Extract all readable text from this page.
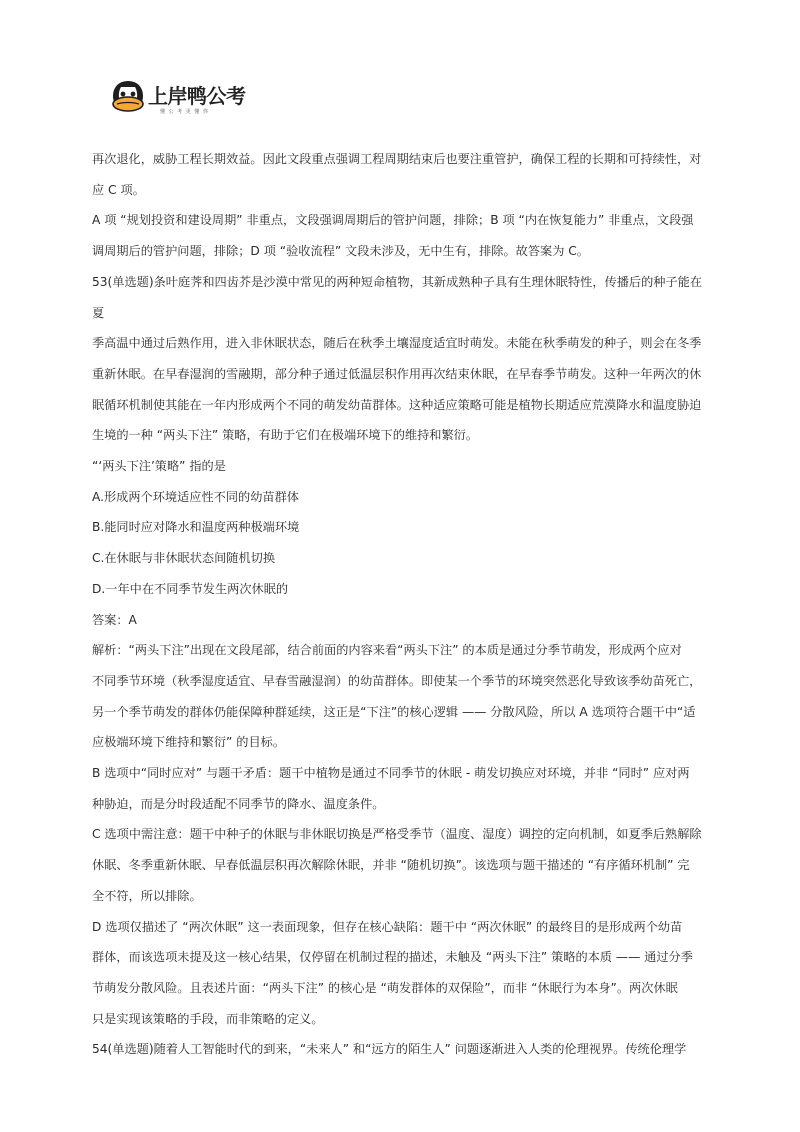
上岸鸭公考
懂 公 考 更 懂 你
再次退化，威胁工程长期效益。因此文段重点强调工程周期结束后也要注重管护，确保工程的长期和可持续性，对
应 C 项。
A 项 “规划投资和建设周期” 非重点，文段强调周期后的管护问题，排除；B 项 “内在恢复能力” 非重点，文段强
调周期后的管护问题，排除；D 项 “验收流程” 文段未涉及，无中生有，排除。故答案为 C。
53(单选题)条叶庭荠和四齿芥是沙漠中常见的两种短命植物，其新成熟种子具有生理休眠特性，传播后的种子能在夏
季高温中通过后熟作用，进入非休眠状态，随后在秋季土壤湿度适宜时萌发。未能在秋季萌发的种子，则会在冬季
重新休眠。在早春湿润的雪融期，部分种子通过低温层积作用再次结束休眠，在早春季节萌发。这种一年两次的休
眠循环机制使其能在一年内形成两个不同的萌发幼苗群体。这种适应策略可能是植物长期适应荒漠降水和温度胁迫
生境的一种 “两头下注” 策略，有助于它们在极端环境下的维持和繁衍。
“‘两头下注’策略” 指的是
A.形成两个环境适应性不同的幼苗群体
B.能同时应对降水和温度两种极端环境
C.在休眠与非休眠状态间随机切换
D.一年中在不同季节发生两次休眠的
答案：A
解析：“两头下注”出现在文段尾部，结合前面的内容来看“两头下注” 的本质是通过分季节萌发，形成两个应对
不同季节环境（秋季湿度适宜、早春雪融湿润）的幼苗群体。即使某一个季节的环境突然恶化导致该季幼苗死亡，
另一个季节萌发的群体仍能保障种群延续，这正是“下注”的核心逻辑 —— 分散风险，所以 A 选项符合题干中“适
应极端环境下维持和繁衍” 的目标。
B 选项中“同时应对” 与题干矛盾：题干中植物是通过不同季节的休眠 - 萌发切换应对环境，并非 “同时” 应对两
种胁迫，而是分时段适配不同季节的降水、温度条件。
C 选项中需注意：题干中种子的休眠与非休眠切换是严格受季节（温度、湿度）调控的定向机制，如夏季后熟解除
休眠、冬季重新休眠、早春低温层积再次解除休眠，并非 “随机切换”。该选项与题干描述的 “有序循环机制” 完
全不符，所以排除。
D 选项仅描述了 “两次休眠” 这一表面现象，但存在核心缺陷：题干中 “两次休眠” 的最终目的是形成两个幼苗
群体，而该选项未提及这一核心结果，仅停留在机制过程的描述，未触及 “两头下注” 策略的本质 —— 通过分季
节萌发分散风险。且表述片面：“两头下注” 的核心是 “萌发群体的双保险”，而非 “休眠行为本身”。两次休眠
只是实现该策略的手段，而非策略的定义。
54(单选题)随着人工智能时代的到来，“未来人” 和“远方的陌生人” 问题逐渐进入人类的伦理视界。传统伦理学
